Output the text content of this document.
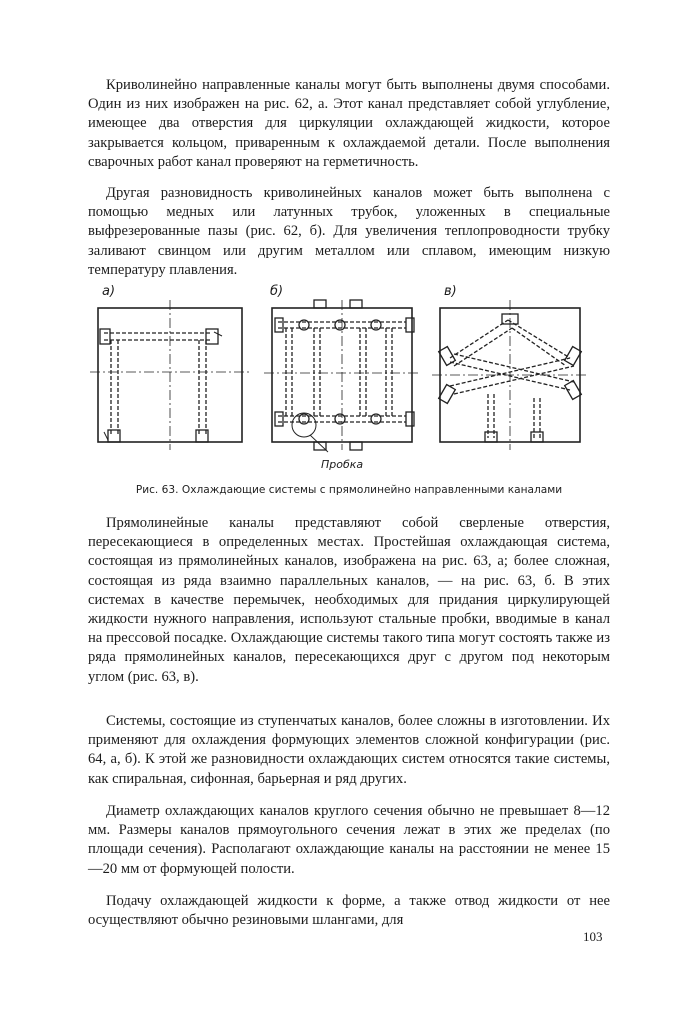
Криволинейно направленные каналы могут быть выполнены двумя способами. Один из них изображен на рис. 62, а. Этот канал представляет собой углубление, имеющее два отверстия для циркуляции охлаждающей жидкости, которое закрывается кольцом, приваренным к охлаждаемой детали. После выполнения сварочных работ канал проверяют на герметичность.

Другая разновидность криволинейных каналов может быть выполнена с помощью медных или латунных трубок, уложенных в специальные выфрезерованные пазы (рис. 62, б). Для увеличения теплопроводности трубку заливают свинцом или другим металлом или сплавом, имеющим низкую температуру плавления.

а)	б)	в)
Пробка
Рис. 63. Охлаждающие системы с прямолинейно направленными каналами

Прямолинейные каналы представляют собой сверленые отверстия, пересекающиеся в определенных местах. Простейшая охлаждающая система, состоящая из прямолинейных каналов, изображена на рис. 63, а; более сложная, состоящая из ряда взаимно параллельных каналов, — на рис. 63, б. В этих системах в качестве перемычек, необходимых для придания циркулирующей жидкости нужного направления, используют стальные пробки, вводимые в канал на прессовой посадке. Охлаждающие системы такого типа могут состоять также из ряда прямолинейных каналов, пересекающихся друг с другом под некоторым углом (рис. 63, в).

Системы, состоящие из ступенчатых каналов, более сложны в изготовлении. Их применяют для охлаждения формующих элементов сложной конфигурации (рис. 64, а, б). К этой же разновидности охлаждающих систем относятся такие системы, как спиральная, сифонная, барьерная и ряд других.

Диаметр охлаждающих каналов круглого сечения обычно не превышает 8—12 мм. Размеры каналов прямоугольного сечения лежат в этих же пределах (по площади сечения). Располагают охлаждающие каналы на расстоянии не менее 15—20 мм от формующей полости.

Подачу охлаждающей жидкости к форме, а также отвод жидкости от нее осуществляют обычно резиновыми шлангами, для

103
